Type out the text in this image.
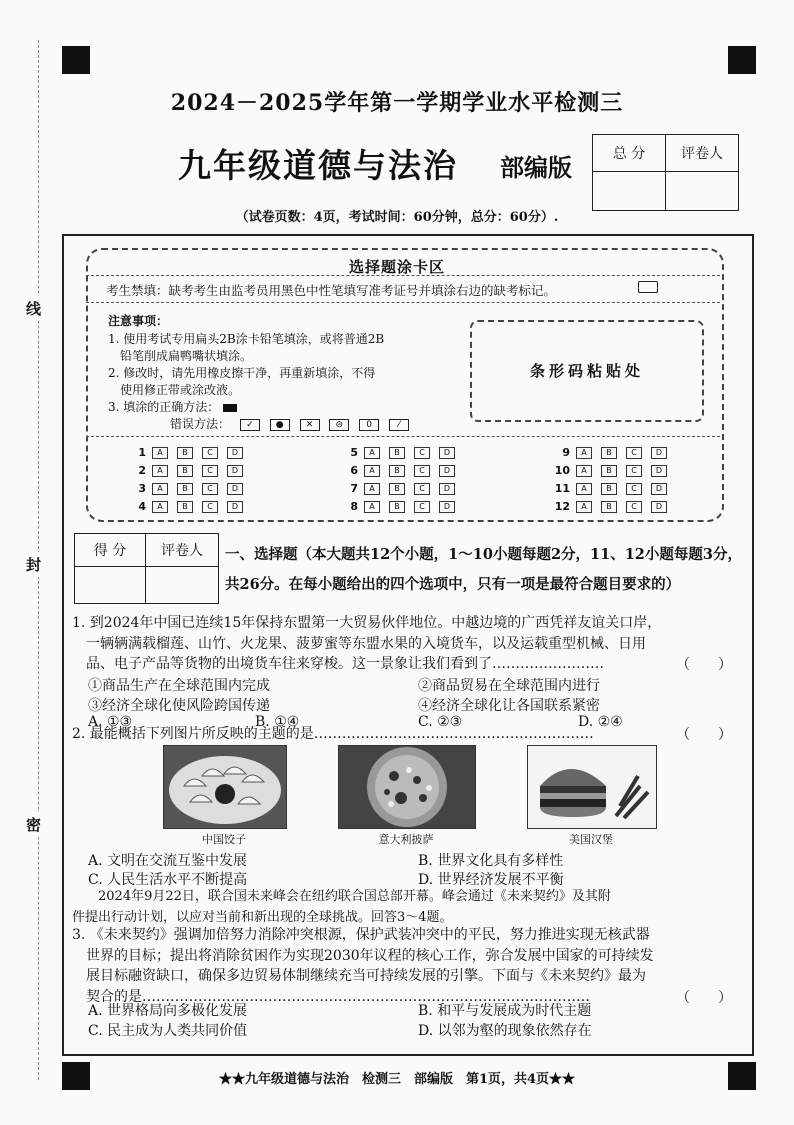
线
封
密
2024－2025学年第一学期学业水平检测三
九年级道德与法治 部编版	总 分	评卷人

（试卷页数：4页，考试时间：60分钟，总分：60分）.
选择题涂卡区
考生禁填：缺考考生由监考员用黑色中性笔填写准考证号并填涂右边的缺考标记。
注意事项：
1. 使用考试专用扁头2B涂卡铅笔填涂，或将普通2B
　铅笔削成扁鸭嘴状填涂。
2. 修改时，请先用橡皮擦干净，再重新填涂，不得
　使用修正带或涂改液。
3. 填涂的正确方法：
错误方法： ✓ ● ✕ ⊖	0	⁄
条形码粘贴处
1	A	B	C	D
2	A	B	C	D
3	A	B	C	D
4	A	B	C	D
5	A	B	C	D
6	A	B	C	D
7	A	B	C	D
8	A	B	C	D
9	A	B	C	D
10	A	B	C	D
11	A	B	C	D
12	A	B	C	D
得 分	评卷人
	一、选择题（本大题共12个小题，1～10小题每题2分，11、12小题每题3分，
共26分。在每小题给出的四个选项中，只有一项是最符合题目要求的）
1. 到2024年中国已连续15年保持东盟第一大贸易伙伴地位。中越边境的广西凭祥友谊关口岸，
　一辆辆满载榴莲、山竹、火龙果、菠萝蜜等东盟水果的入境货车，以及运载重型机械、日用
　品、电子产品等货物的出境货车往来穿梭。这一景象让我们看到了……………………	（　　）
①商品生产在全球范围内完成	②商品贸易在全球范围内进行
③经济全球化使风险跨国传递	④经济全球化让各国联系紧密
A. ①③	B. ①④	C. ②③	D. ②④
2. 最能概括下列图片所反映的主题的是……………………………………………………	（　　）
中国饺子	意大利披萨	美国汉堡
A. 文明在交流互鉴中发展	B. 世界文化具有多样性
C. 人民生活水平不断提高	D. 世界经济发展不平衡
　　2024年9月22日，联合国未来峰会在纽约联合国总部开幕。峰会通过《未来契约》及其附
件提出行动计划，以应对当前和新出现的全球挑战。回答3～4题。
3. 《未来契约》强调加倍努力消除冲突根源，保护武装冲突中的平民，努力推进实现无核武器
　世界的目标；提出将消除贫困作为实现2030年议程的核心工作，弥合发展中国家的可持续发
　展目标融资缺口，确保多边贸易体制继续充当可持续发展的引擎。下面与《未来契约》最为
　契合的是……………………………………………………………………………………	（　　）
A. 世界格局向多极化发展	B. 和平与发展成为时代主题
C. 民主成为人类共同价值	D. 以邻为壑的现象依然存在
★★九年级道德与法治　检测三　部编版　第1页，共4页★★
